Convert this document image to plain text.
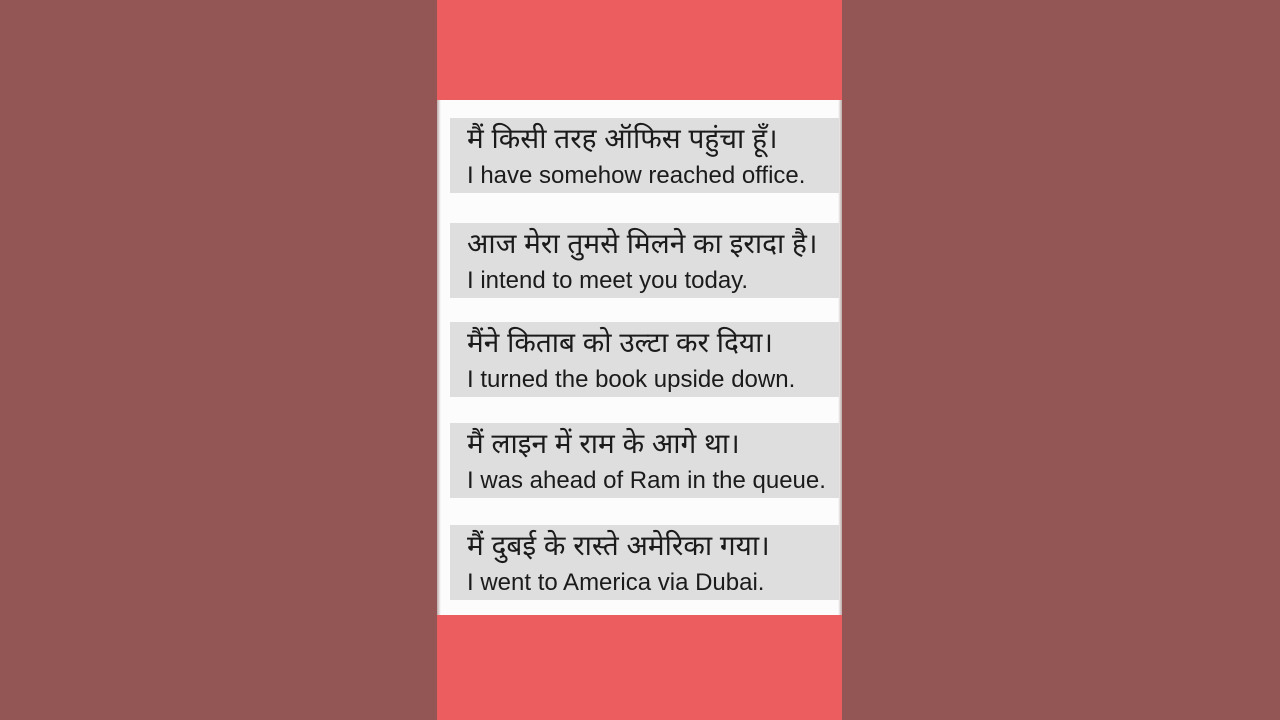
मैं किसी तरह ऑफिस पहुंचा हूँ।
I have somehow reached office.
आज मेरा तुमसे मिलने का इरादा है।
I intend to meet you today.
मैंने किताब को उल्टा कर दिया।
I turned the book upside down.
मैं लाइन में राम के आगे था।
I was ahead of Ram in the queue.
मैं दुबई के रास्ते अमेरिका गया।
I went to America via Dubai.
